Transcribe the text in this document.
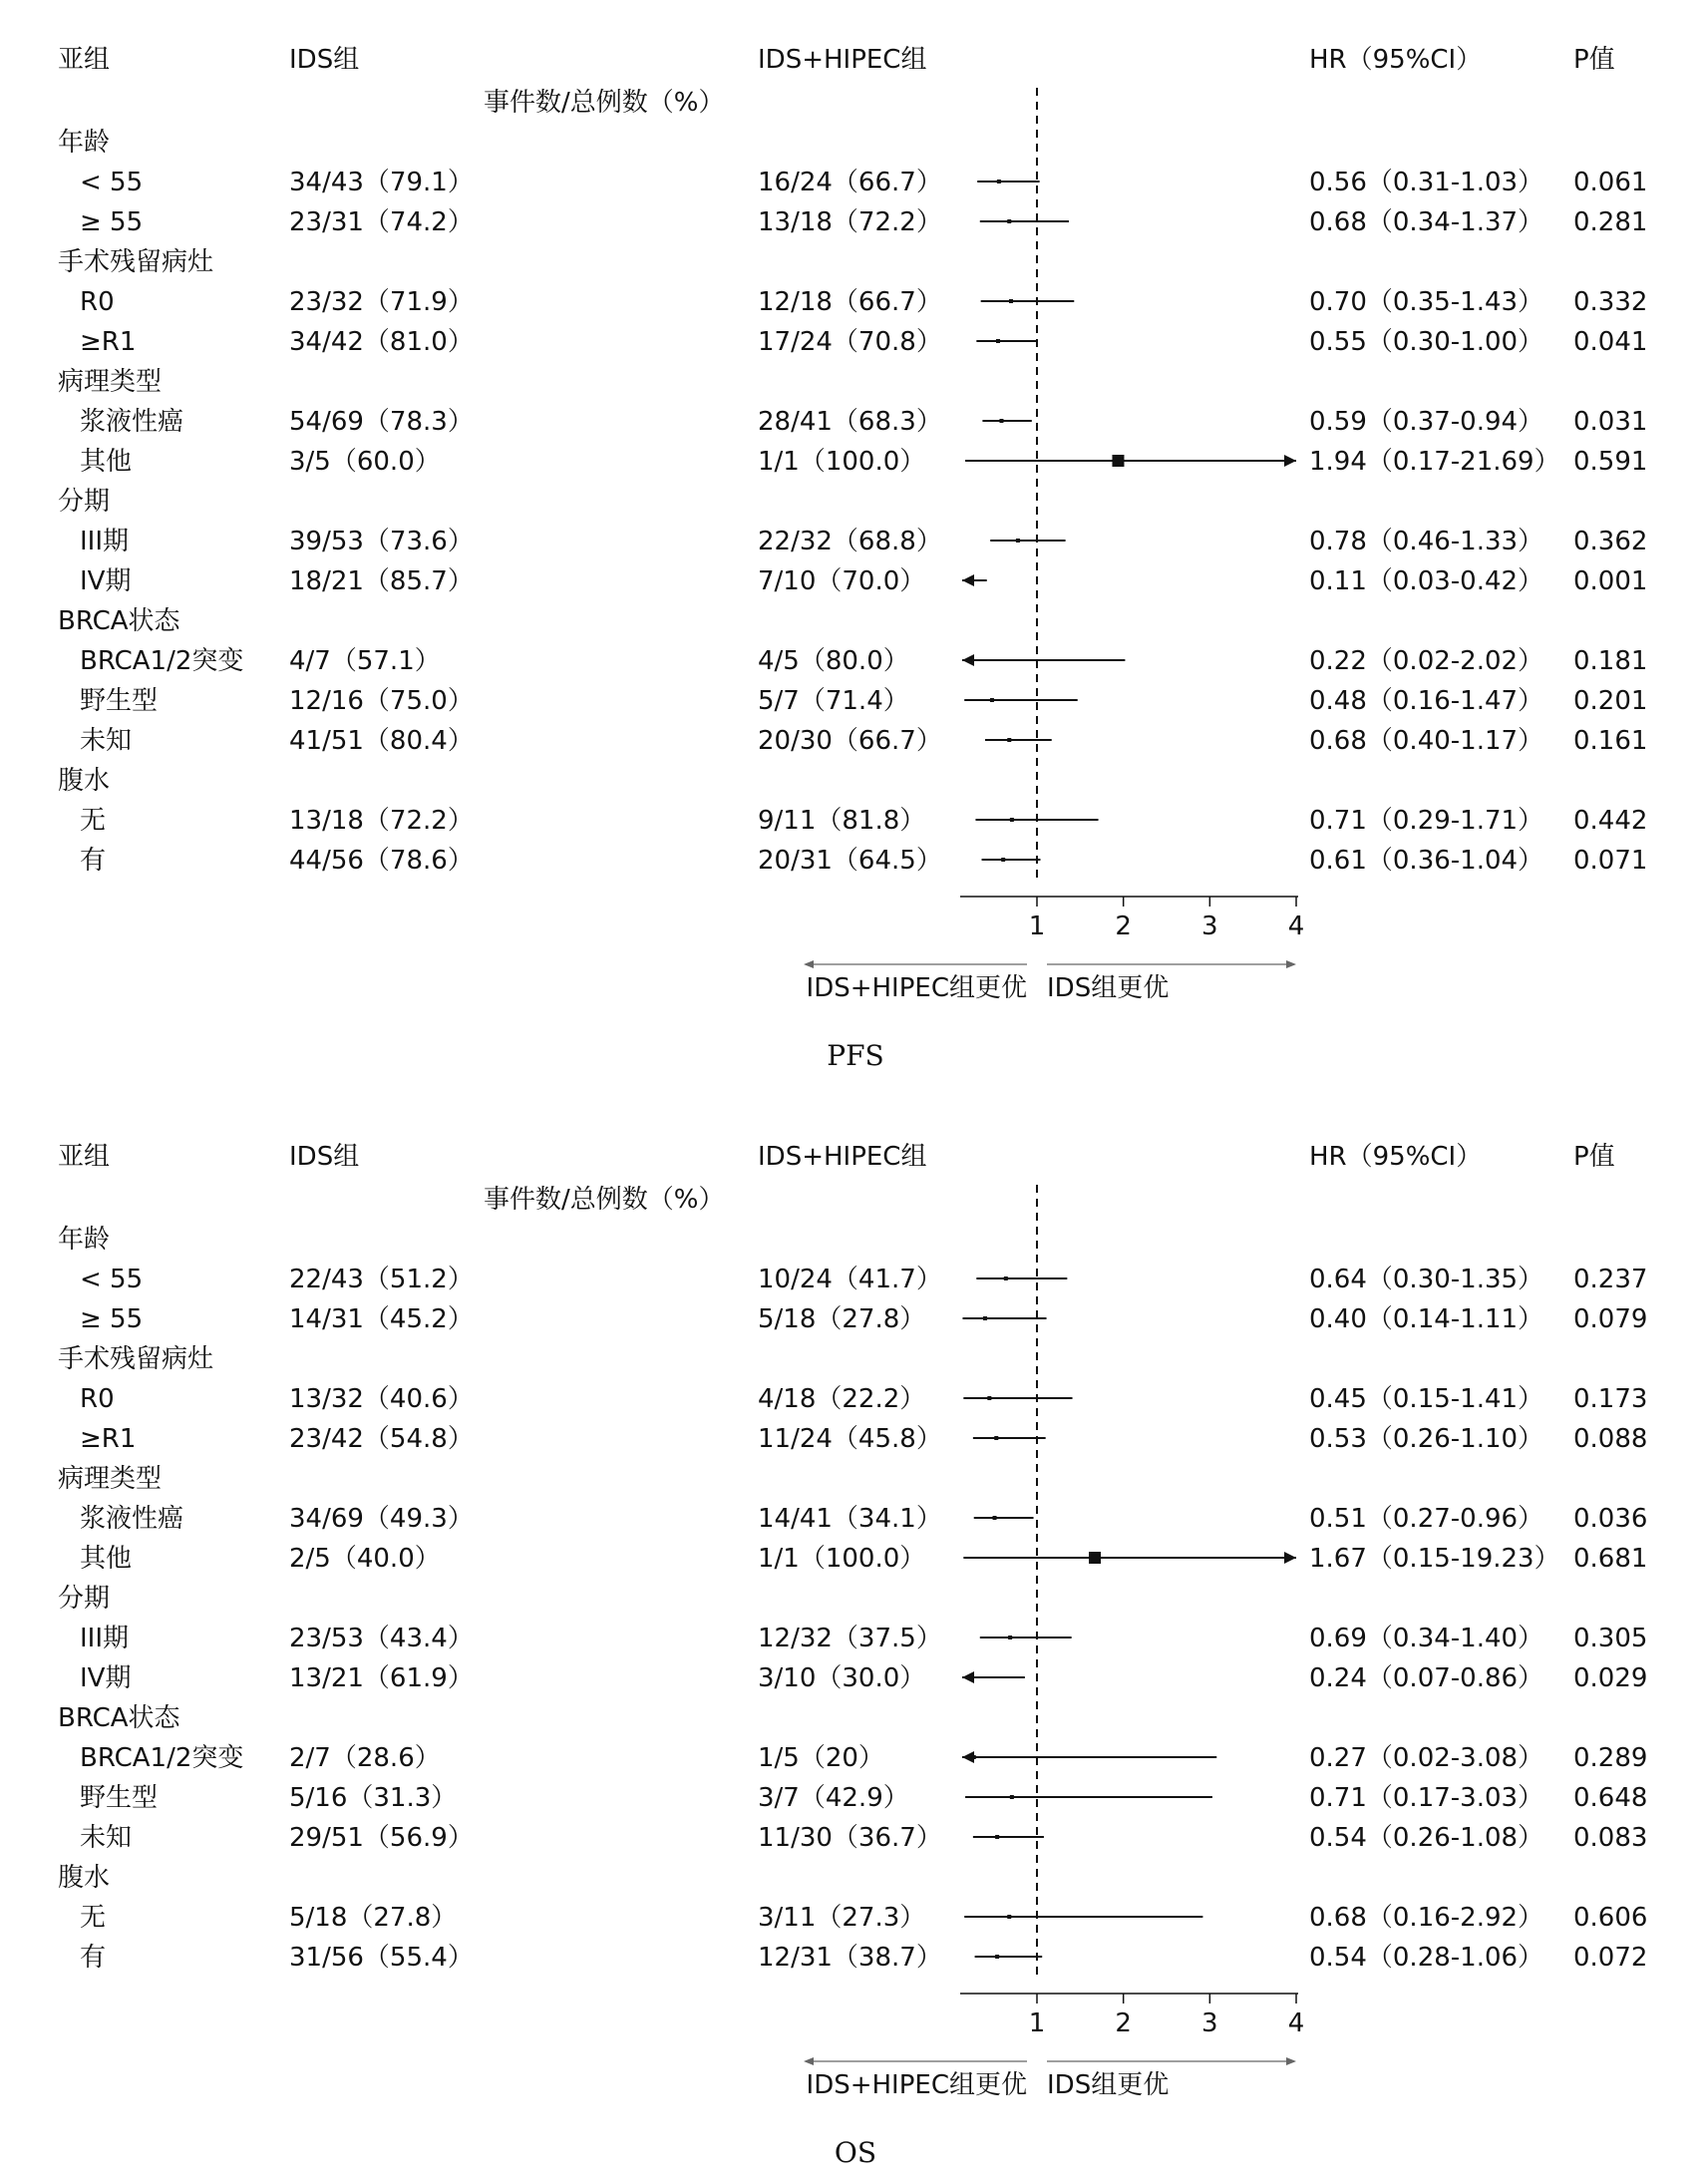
亚组	IDS组	IDS+HIPEC组	HR（95%CI）	P值
事件数/总例数（%）
年龄
< 55	34/43（79.1）	16/24（66.7）	0.56（0.31-1.03） 0.061
≥ 55	23/31（74.2）	13/18（72.2）	0.68（0.34-1.37） 0.281
手术残留病灶
R0	23/32（71.9）	12/18（66.7）	0.70（0.35-1.43） 0.332
≥R1	34/42（81.0）	17/24（70.8）	0.55（0.30-1.00） 0.041
病理类型
浆液性癌	54/69（78.3）	28/41（68.3）	0.59（0.37-0.94） 0.031
其他	3/5（60.0）	1/1（100.0）	1.94（0.17-21.69） 0.591
分期
III期	39/53（73.6）	22/32（68.8）	0.78（0.46-1.33） 0.362
IV期	18/21（85.7）	7/10（70.0）	0.11（0.03-0.42） 0.001
BRCA状态
BRCA1/2突变 4/7（57.1）	4/5（80.0）	0.22（0.02-2.02） 0.181
野生型	12/16（75.0）	5/7（71.4）	0.48（0.16-1.47） 0.201
未知	41/51（80.4）	20/30（66.7）	0.68（0.40-1.17） 0.161
腹水
无	13/18（72.2）	9/11（81.8）	0.71（0.29-1.71） 0.442
有	44/56（78.6）	20/31（64.5）	0.61（0.36-1.04） 0.071
1	2	3	4
IDS+HIPEC组更优 IDS组更优
PFS
亚组	IDS组	IDS+HIPEC组	HR（95%CI）	P值
事件数/总例数（%）
年龄
< 55	22/43（51.2）	10/24（41.7）	0.64（0.30-1.35） 0.237
≥ 55	14/31（45.2）	5/18（27.8）	0.40（0.14-1.11） 0.079
手术残留病灶
R0	13/32（40.6）	4/18（22.2）	0.45（0.15-1.41） 0.173
≥R1	23/42（54.8）	11/24（45.8）	0.53（0.26-1.10） 0.088
病理类型
浆液性癌	34/69（49.3）	14/41（34.1）	0.51（0.27-0.96） 0.036
其他	2/5（40.0）	1/1（100.0）	1.67（0.15-19.23） 0.681
分期
III期	23/53（43.4）	12/32（37.5）	0.69（0.34-1.40） 0.305
IV期	13/21（61.9）	3/10（30.0）	0.24（0.07-0.86） 0.029
BRCA状态
BRCA1/2突变 2/7（28.6）	1/5（20）	0.27（0.02-3.08） 0.289
野生型	5/16（31.3）	3/7（42.9）	0.71（0.17-3.03） 0.648
未知	29/51（56.9）	11/30（36.7）	0.54（0.26-1.08） 0.083
腹水
无	5/18（27.8）	3/11（27.3）	0.68（0.16-2.92） 0.606
有	31/56（55.4）	12/31（38.7）	0.54（0.28-1.06） 0.072
1	2	3	4
IDS+HIPEC组更优 IDS组更优
OS
